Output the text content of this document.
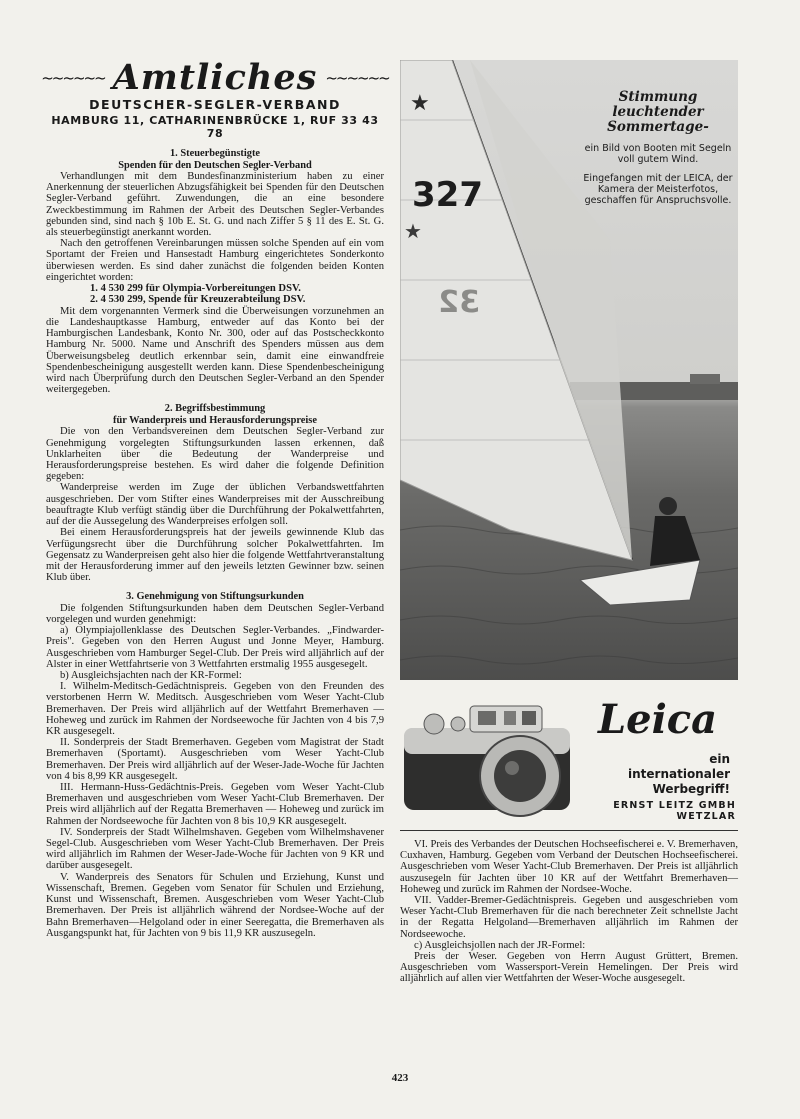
~~~~~~ Amtliches ~~~~~~
DEUTSCHER-SEGLER-VERBAND
HAMBURG 11, CATHARINENBRÜCKE 1, RUF 33 43 78
1. Steuerbegünstigte
Spenden für den Deutschen Segler-Verband

Verhandlungen mit dem Bundesfinanzministerium haben zu einer Anerkennung der steuerlichen Abzugsfähigkeit bei Spenden für den Deutschen Segler-Verband geführt. Zuwendungen, die an eine besondere Zweckbestimmung im Rahmen der Arbeit des Deutschen Segler-Verbandes gebunden sind, sind nach § 10b E. St. G. und nach Ziffer 5 § 11 des E. St. G. als steuerbegünstigt anerkannt worden.

Nach den getroffenen Vereinbarungen müssen solche Spenden auf ein vom Sportamt der Freien und Hansestadt Hamburg eingerichtetes Sonderkonto überwiesen werden. Es sind daher zunächst die folgenden beiden Konten eingerichtet worden:

1. 4 530 299 für Olympia-Vorbereitungen DSV.
2. 4 530 299, Spende für Kreuzerabteilung DSV.

Mit dem vorgenannten Vermerk sind die Überweisungen vorzunehmen an die Landeshauptkasse Hamburg, entweder auf das Konto bei der Hamburgischen Landesbank, Konto Nr. 300, oder auf das Postscheckkonto Hamburg Nr. 5000. Name und Anschrift des Spenders müssen aus dem Überweisungsbeleg deutlich erkennbar sein, damit eine einwandfreie Spendenbescheinigung ausgestellt werden kann. Diese Spendenbescheinigung wird nach Überprüfung durch den Deutschen Segler-Verband an den Spender weitergegeben.

2. Begriffsbestimmung
für Wanderpreis und Herausforderungspreise

Die von den Verbandsvereinen dem Deutschen Segler-Verband zur Genehmigung vorgelegten Stiftungsurkunden lassen erkennen, daß Unklarheiten über die Bedeutung der Wanderpreise und Herausforderungspreise bestehen. Es wird daher die folgende Definition gegeben:

Wanderpreise werden im Zuge der üblichen Verbandswettfahrten ausgeschrieben. Der vom Stifter eines Wanderpreises mit der Ausschreibung beauftragte Klub verfügt ständig über die Durchführung der Pokalwettfahrten, auf der die Aussegelung des Wanderpreises erfolgen soll.

Bei einem Herausforderungspreis hat der jeweils gewinnende Klub das Verfügungsrecht über die Durchführung solcher Pokalwettfahrten. Im Gegensatz zu Wanderpreisen geht also hier die folgende Wettfahrtveranstaltung mit der Herausforderung immer auf den jeweils letzten Gewinner bzw. seinen Klub über.

3. Genehmigung von Stiftungsurkunden

Die folgenden Stiftungsurkunden haben dem Deutschen Segler-Verband vorgelegen und wurden genehmigt:

a) Olympiajollenklasse des Deutschen Segler-Verbandes. „Findwarder-Preis". Gegeben von den Herren August und Jonne Meyer, Hamburg. Ausgeschrieben vom Hamburger Segel-Club. Der Preis wird alljährlich auf der Alster in einer Wettfahrtserie von 3 Wettfahrten erstmalig 1955 ausgesegelt.

b) Ausgleichsjachten nach der KR-Formel:

I. Wilhelm-Meditsch-Gedächtnispreis. Gegeben von den Freunden des verstorbenen Herrn W. Meditsch. Ausgeschrieben vom Weser Yacht-Club Bremerhaven. Der Preis wird alljährlich auf der Wettfahrt Bremerhaven — Hoheweg und zurück im Rahmen der Nordseewoche für Jachten von 4 bis 7,9 KR ausgesegelt.

II. Sonderpreis der Stadt Bremerhaven. Gegeben vom Magistrat der Stadt Bremerhaven (Sportamt). Ausgeschrieben vom Weser Yacht-Club Bremerhaven. Der Preis wird alljährlich auf der Weser-Jade-Woche für Jachten von 4 bis 8,99 KR ausgesegelt.

III. Hermann-Huss-Gedächtnis-Preis. Gegeben vom Weser Yacht-Club Bremerhaven und ausgeschrieben vom Weser Yacht-Club Bremerhaven. Der Preis wird alljährlich auf der Regatta Bremerhaven — Hoheweg und zurück im Rahmen der Nordseewoche für Jachten von 8 bis 10,9 KR ausgesegelt.

IV. Sonderpreis der Stadt Wilhelmshaven. Gegeben vom Wilhelmshavener Segel-Club. Ausgeschrieben vom Weser Yacht-Club Bremerhaven. Der Preis wird alljährlich im Rahmen der Weser-Jade-Woche für Jachten von 9 KR und darüber ausgesegelt.

V. Wanderpreis des Senators für Schulen und Erziehung, Kunst und Wissenschaft, Bremen. Gegeben vom Senator für Schulen und Erziehung, Kunst und Wissenschaft, Bremen. Ausgeschrieben vom Weser Yacht-Club Bremerhaven. Der Preis ist alljährlich während der Nordsee-Woche auf der Bahn Bremerhaven—Helgoland oder in einer Seeregatta, die Bremerhaven als Ausgangspunkt hat, für Jachten von 9 bis 11,9 KR auszusegeln.

★
★
327
32
Stimmung
leuchtender
Sommertage-
ein Bild von Booten mit Segeln voll gutem Wind.
Eingefangen mit der LEICA, der Kamera der Meisterfotos, geschaffen für Anspruchsvolle.
Leica
ein internationaler
Werbegriff!
ERNST LEITZ GMBH WETZLAR

VI. Preis des Verbandes der Deutschen Hochseefischerei e. V. Bremerhaven, Cuxhaven, Hamburg. Gegeben vom Verband der Deutschen Hochseefischerei. Ausgeschrieben vom Weser Yacht-Club Bremerhaven. Der Preis ist alljährlich auszusegeln für Jachten über 10 KR auf der Wettfahrt Bremerhaven—Hoheweg und zurück im Rahmen der Nordsee-Woche.

VII. Vadder-Bremer-Gedächtnispreis. Gegeben und ausgeschrieben vom Weser Yacht-Club Bremerhaven für die nach berechneter Zeit schnellste Jacht in der Regatta Helgoland—Bremerhaven alljährlich im Rahmen der Nordseewoche.

c) Ausgleichsjollen nach der JR-Formel:

Preis der Weser. Gegeben von Herrn August Grüttert, Bremen. Ausgeschrieben vom Wassersport-Verein Hemelingen. Der Preis wird alljährlich auf allen vier Wettfahrten der Weser-Woche ausgesegelt.

423
